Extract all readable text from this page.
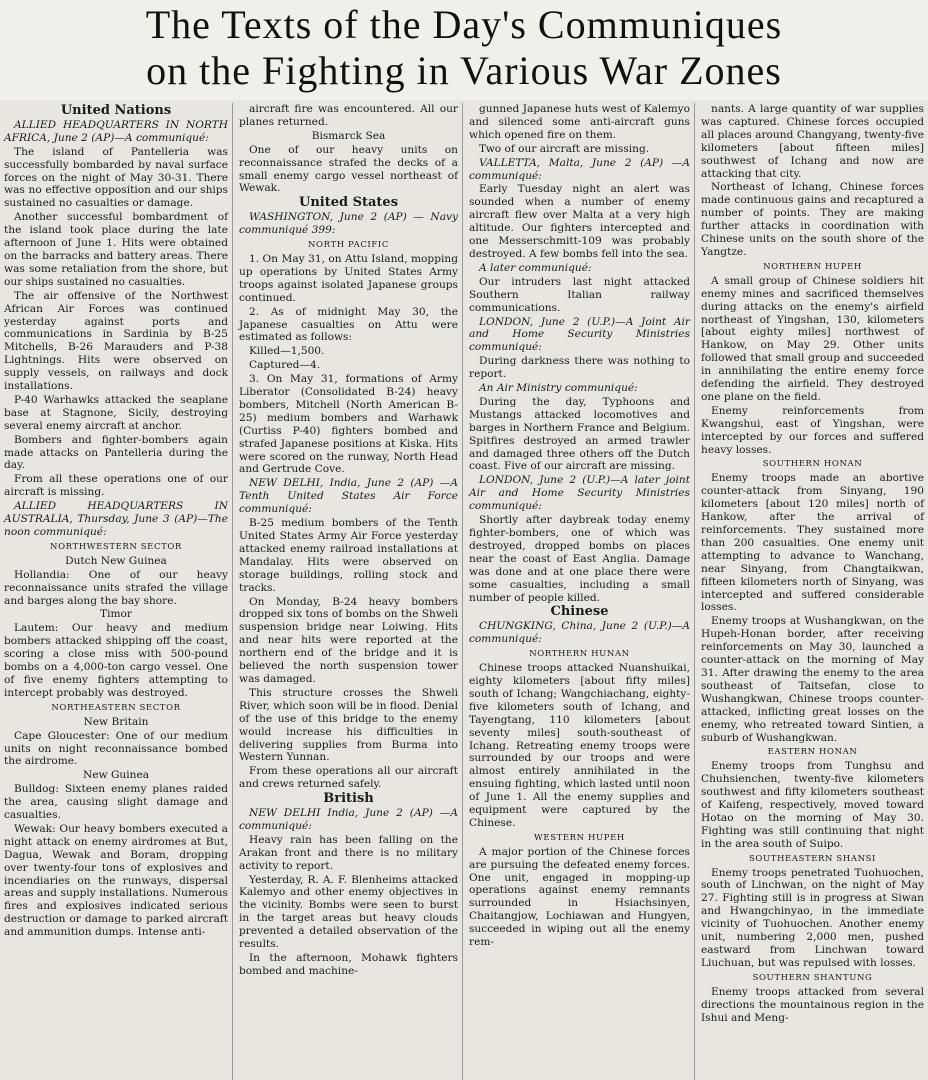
The Texts of the Day's Communiques
on the Fighting in Various War Zones
United Nations

ALLIED HEADQUARTERS IN NORTH AFRICA, June 2 (AP)—A communiqué:

The island of Pantelleria was successfully bombarded by naval surface forces on the night of May 30-31. There was no effective opposition and our ships sustained no casualties or damage.

Another successful bombardment of the island took place during the late afternoon of June 1. Hits were obtained on the barracks and battery areas. There was some retaliation from the shore, but our ships sustained no casualties.

The air offensive of the Northwest African Air Forces was continued yesterday against ports and communications in Sardinia by B-25 Mitchells, B-26 Marauders and P-38 Lightnings. Hits were observed on supply vessels, on railways and dock installations.

P-40 Warhawks attacked the seaplane base at Stagnone, Sicily, destroying several enemy aircraft at anchor.

Bombers and fighter-bombers again made attacks on Pantelleria during the day.

From all these operations one of our aircraft is missing.

ALLIED HEADQUARTERS IN AUSTRALIA, Thursday, June 3 (AP)—The noon communiqué:

NORTHWESTERN SECTOR
Dutch New Guinea

Hollandia: One of our heavy reconnaissance units strafed the village and barges along the bay shore.

Timor

Lautem: Our heavy and medium bombers attacked shipping off the coast, scoring a close miss with 500-pound bombs on a 4,000-ton cargo vessel. One of five enemy fighters attempting to intercept probably was destroyed.

NORTHEASTERN SECTOR
New Britain

Cape Gloucester: One of our medium units on night reconnaissance bombed the airdrome.

New Guinea

Bulldog: Sixteen enemy planes raided the area, causing slight damage and casualties.

Wewak: Our heavy bombers executed a night attack on enemy airdromes at But, Dagua, Wewak and Boram, dropping over twenty-four tons of explosives and incendiaries on the runways, dispersal areas and supply installations. Numerous fires and explosives indicated serious destruction or damage to parked aircraft and ammunition dumps. Intense anti-

aircraft fire was encountered. All our planes returned.

Bismarck Sea

One of our heavy units on reconnaissance strafed the decks of a small enemy cargo vessel northeast of Wewak.

United States

WASHINGTON, June 2 (AP) — Navy communiqué 399:

NORTH PACIFIC

1. On May 31, on Attu Island, mopping up operations by United States Army troops against isolated Japanese groups continued.

2. As of midnight May 30, the Japanese casualties on Attu were estimated as follows:

Killed—1,500.

Captured—4.

3. On May 31, formations of Army Liberator (Consolidated B-24) heavy bombers, Mitchell (North American B-25) medium bombers and Warhawk (Curtiss P-40) fighters bombed and strafed Japanese positions at Kiska. Hits were scored on the runway, North Head and Gertrude Cove.

NEW DELHI, India, June 2 (AP) —A Tenth United States Air Force communiqué:

B-25 medium bombers of the Tenth United States Army Air Force yesterday attacked enemy railroad installations at Mandalay. Hits were observed on storage buildings, rolling stock and tracks.

On Monday, B-24 heavy bombers dropped six tons of bombs on the Shweli suspension bridge near Loiwing. Hits and near hits were reported at the northern end of the bridge and it is believed the north suspension tower was damaged.

This structure crosses the Shweli River, which soon will be in flood. Denial of the use of this bridge to the enemy would increase his difficulties in delivering supplies from Burma into Western Yunnan.

From these operations all our aircraft and crews returned safely.

British

NEW DELHI India, June 2 (AP) —A communiqué:

Heavy rain has been falling on the Arakan front and there is no military activity to report.

Yesterday, R. A. F. Blenheims attacked Kalemyo and other enemy objectives in the vicinity. Bombs were seen to burst in the target areas but heavy clouds prevented a detailed observation of the results.

In the afternoon, Mohawk fighters bombed and machine-

gunned Japanese huts west of Kalemyo and silenced some anti-aircraft guns which opened fire on them.

Two of our aircraft are missing.

VALLETTA, Malta, June 2 (AP) —A communiqué:

Early Tuesday night an alert was sounded when a number of enemy aircraft flew over Malta at a very high altitude. Our fighters intercepted and one Messerschmitt-109 was probably destroyed. A few bombs fell into the sea.

A later communiqué:

Our intruders last night attacked Southern Italian railway communications.

LONDON, June 2 (U.P.)—A Joint Air and Home Security Ministries communiqué:

During darkness there was nothing to report.

An Air Ministry communiqué:

During the day, Typhoons and Mustangs attacked locomotives and barges in Northern France and Belgium. Spitfires destroyed an armed trawler and damaged three others off the Dutch coast. Five of our aircraft are missing.

LONDON, June 2 (U.P.)—A later joint Air and Home Security Ministries communiqué:

Shortly after daybreak today enemy fighter-bombers, one of which was destroyed, dropped bombs on places near the coast of East Anglia. Damage was done and at one place there were some casualties, including a small number of people killed.

Chinese

CHUNGKING, China, June 2 (U.P.)—A communiqué:

NORTHERN HUNAN

Chinese troops attacked Nuanshuikai, eighty kilometers [about fifty miles] south of Ichang; Wangchiachang, eighty-five kilometers south of Ichang, and Tayengtang, 110 kilometers [about seventy miles] south-southeast of Ichang. Retreating enemy troops were surrounded by our troops and were almost entirely annihilated in the ensuing fighting, which lasted until noon of June 1. All the enemy supplies and equipment were captured by the Chinese.

WESTERN HUPEH

A major portion of the Chinese forces are pursuing the defeated enemy forces. One unit, engaged in mopping-up operations against enemy remnants surrounded in Hsiachsinyen, Chaitangjow, Lochiawan and Hungyen, succeeded in wiping out all the enemy rem-

nants. A large quantity of war supplies was captured. Chinese forces occupied all places around Changyang, twenty-five kilometers [about fifteen miles] southwest of Ichang and now are attacking that city.

Northeast of Ichang, Chinese forces made continuous gains and recaptured a number of points. They are making further attacks in coordination with Chinese units on the south shore of the Yangtze.

NORTHERN HUPEH

A small group of Chinese soldiers hit enemy mines and sacrificed themselves during attacks on the enemy's airfield northeast of Yingshan, 130, kilometers [about eighty miles] northwest of Hankow, on May 29. Other units followed that small group and succeeded in annihilating the entire enemy force defending the airfield. They destroyed one plane on the field.

Enemy reinforcements from Kwangshui, east of Yingshan, were intercepted by our forces and suffered heavy losses.

SOUTHERN HONAN

Enemy troops made an abortive counter-attack from Sinyang, 190 kilometers [about 120 miles] north of Hankow, after the arrival of reinforcements. They sustained more than 200 casualties. One enemy unit attempting to advance to Wanchang, near Sinyang, from Changtaikwan, fifteen kilometers north of Sinyang, was intercepted and suffered considerable losses.

Enemy troops at Wushangkwan, on the Hupeh-Honan border, after receiving reinforcements on May 30, launched a counter-attack on the morning of May 31. After drawing the enemy to the area southeast of Taitsefan, close to Wushangkwan, Chinese troops counter-attacked, inflicting great losses on the enemy, who retreated toward Sintien, a suburb of Wushangkwan.

EASTERN HONAN

Enemy troops from Tunghsu and Chuhsienchen, twenty-five kilometers southwest and fifty kilometers southeast of Kaifeng, respectively, moved toward Hotao on the morning of May 30. Fighting was still continuing that night in the area south of Suipo.

SOUTHEASTERN SHANSI

Enemy troops penetrated Tuohuochen, south of Linchwan, on the night of May 27. Fighting still is in progress at Siwan and Hwangchinyao, in the immediate vicinity of Tuohuochen. Another enemy unit, numbering 2,000 men, pushed eastward from Linchwan toward Liuchuan, but was repulsed with losses.

SOUTHERN SHANTUNG

Enemy troops attacked from several directions the mountainous region in the Ishui and Meng-
